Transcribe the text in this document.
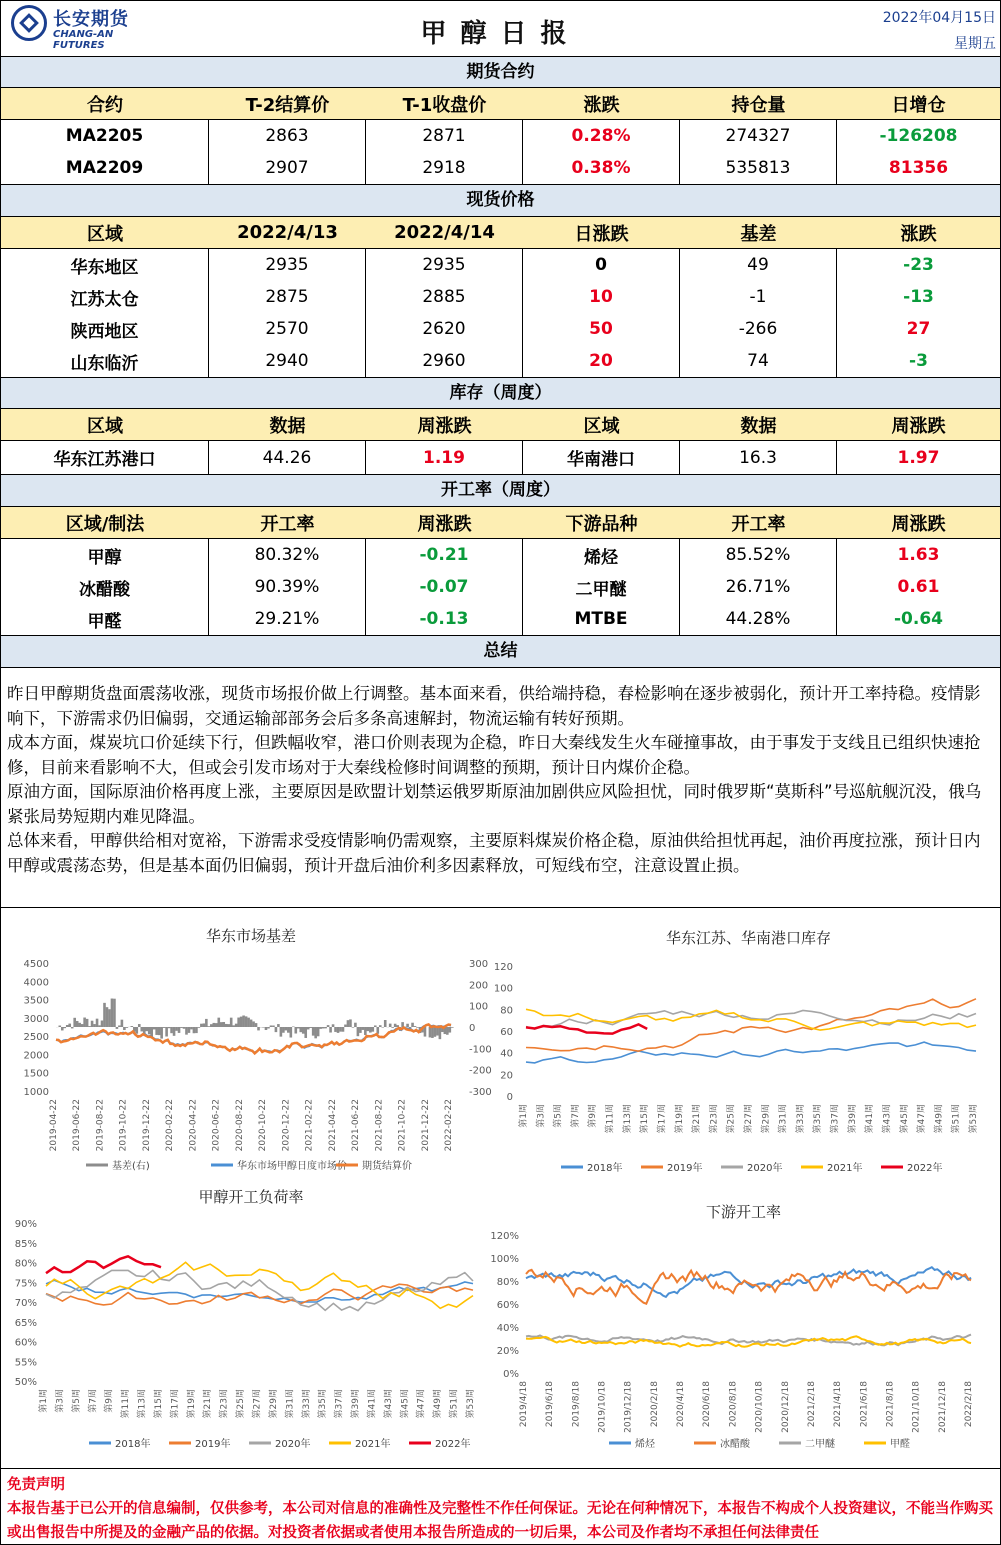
长安期货
CHANG-AN FUTURES	甲醇日报
2022年04月15日
星期五
期货合约
合约	T-2结算价	T-1收盘价	涨跌	持仓量	日增仓
MA2205	2863	2871	0.28%	274327	-126208
MA2209	2907	2918	0.38%	535813	81356
现货价格
区域	2022/4/13	2022/4/14	日涨跌	基差	涨跌
华东地区	2935	2935	0	49	-23
江苏太仓	2875	2885	10	-1	-13
陕西地区	2570	2620	50	-266	27
山东临沂	2940	2960	20	74	-3
库存（周度）
区域	数据	周涨跌	区域	数据	周涨跌
华东江苏港口	44.26	1.19	华南港口	16.3	1.97
开工率（周度）
区域/制法	开工率	周涨跌	下游品种	开工率	周涨跌
甲醇	80.32%	-0.21	烯烃	85.52%	1.63
冰醋酸	90.39%	-0.07	二甲醚	26.71%	0.61
甲醛	29.21%	-0.13	MTBE	44.28%	-0.64
总结

昨日甲醇期货盘面震荡收涨，现货市场报价做上行调整。基本面来看，供给端持稳，春检影响在逐步被弱化，预计开工率持稳。疫情影响下，下游需求仍旧偏弱，交通运输部部务会后多条高速解封，物流运输有转好预期。

成本方面，煤炭坑口价延续下行，但跌幅收窄，港口价则表现为企稳，昨日大秦线发生火车碰撞事故，由于事发于支线且已组织快速抢修，目前来看影响不大，但或会引发市场对于大秦线检修时间调整的预期，预计日内煤价企稳。

原油方面，国际原油价格再度上涨，主要原因是欧盟计划禁运俄罗斯原油加剧供应风险担忧，同时俄罗斯“莫斯科”号巡航舰沉没，俄乌紧张局势短期内难见降温。

总体来看，甲醇供给相对宽裕，下游需求受疫情影响仍需观察，主要原料煤炭价格企稳，原油供给担忧再起，油价再度拉涨，预计日内甲醇或震荡态势，但是基本面仍旧偏弱，预计开盘后油价利多因素释放，可短线布空，注意设置止损。

华东市场基差
4500
4000
3500
3000
2500
2000
1500
1000
300
200
100
0
-100
-200
-300
2019-04-22 2019-06-22 2019-08-22 2019-10-22 2019-12-22 2020-02-22 2020-04-22 2020-06-22 2020-08-22 2020-10-22 2020-12-22 2021-02-22 2021-04-22 2021-06-22 2021-08-22 2021-10-22 2021-12-22 2022-02-22
基差(右)	华东市场甲醇日度市场价 期货结算价
华东江苏、华南港口库存
120
100
80
60
40
20
0
第1周 第3周 第5周 第7周 第9周 第11周 第13周 第15周 第17周 第19周 第21周 第23周 第25周 第27周 第29周 第31周 第33周 第35周 第37周 第39周 第41周 第43周 第45周 第47周 第49周 第51周 第53周
2018年	2019年	2020年	2021年	2022年
甲醇开工负荷率
90%
85%
80%
75%
70%
65%
60%
55%
50%
第1周 第3周 第5周 第7周 第9周 第11周 第13周 第15周 第17周 第19周 第21周 第23周 第25周 第27周 第29周 第31周 第33周 第35周 第37周 第39周 第41周 第43周 第45周 第47周 第49周 第51周 第53周
2018年	2019年	2020年	2021年	2022年
下游开工率
120%
100%
80%
60%
40%
20%
0%
2019/4/18 2019/6/18 2019/8/18 2019/10/18 2019/12/18 2020/2/18 2020/4/18 2020/6/18 2020/8/18 2020/10/18 2020/12/18 2021/2/18 2021/4/18 2021/6/18 2021/8/18 2021/10/18 2021/12/18 2022/2/18
烯烃	冰醋酸	二甲醚	甲醛
免责声明
本报告基于已公开的信息编制，仅供参考，本公司对信息的准确性及完整性不作任何保证。无论在何种情况下，本报告不构成个人投资建议，不能当作购买或出售报告中所提及的金融产品的依据。对投资者依据或者使用本报告所造成的一切后果，本公司及作者均不承担任何法律责任
